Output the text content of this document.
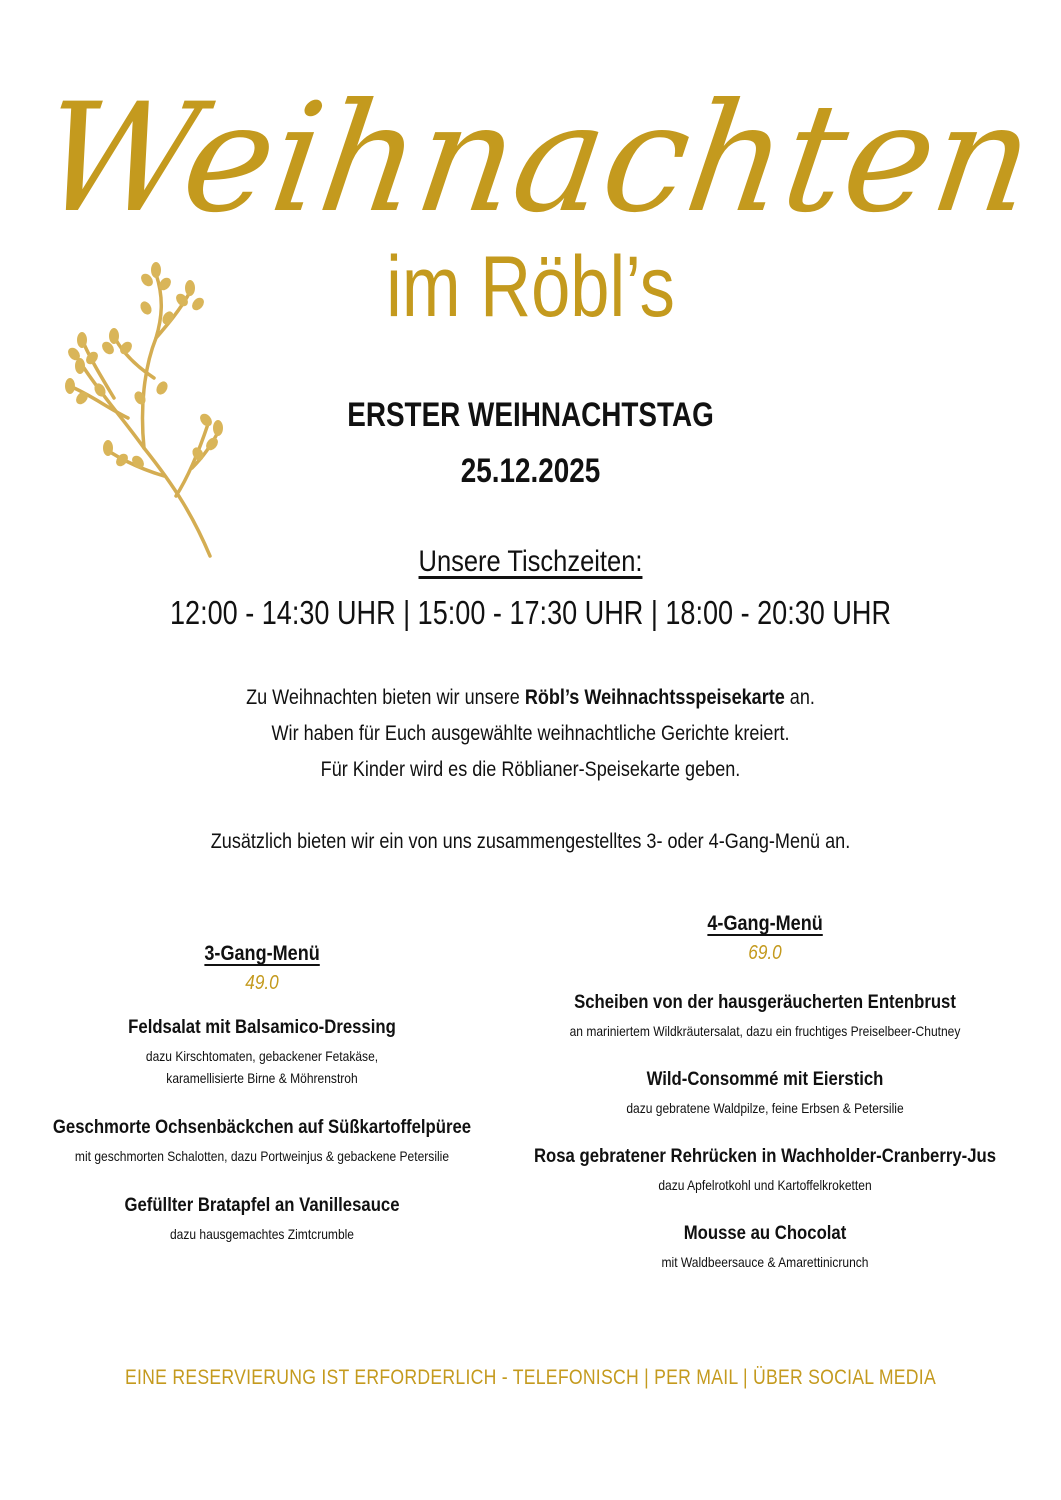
Weihnachten
im Röbl’s
ERSTER WEIHNACHTSTAG
25.12.2025
Unsere Tischzeiten:
12:00 - 14:30 UHR | 15:00 - 17:30 UHR | 18:00 - 20:30 UHR

Zu Weihnachten bieten wir unsere Röbl’s Weihnachtsspeisekarte an.

Wir haben für Euch ausgewählte weihnachtliche Gerichte kreiert.

Für Kinder wird es die Röblianer-Speisekarte geben.

Zusätzlich bieten wir ein von uns zusammengestelltes 3- oder 4-Gang-Menü an.

3-Gang-Menü
49.0
Feldsalat mit Balsamico-Dressing
dazu Kirschtomaten, gebackener Fetakäse,
karamellisierte Birne & Möhrenstroh
Geschmorte Ochsenbäckchen auf Süßkartoffelpüree
mit geschmorten Schalotten, dazu Portweinjus & gebackene Petersilie
Gefüllter Bratapfel an Vanillesauce
dazu hausgemachtes Zimtcrumble
4-Gang-Menü
69.0
Scheiben von der hausgeräucherten Entenbrust
an mariniertem Wildkräutersalat, dazu ein fruchtiges Preiselbeer-Chutney
Wild-Consommé mit Eierstich
dazu gebratene Waldpilze, feine Erbsen & Petersilie
Rosa gebratener Rehrücken in Wachholder-Cranberry-Jus
dazu Apfelrotkohl und Kartoffelkroketten
Mousse au Chocolat
mit Waldbeersauce & Amarettinicrunch
EINE RESERVIERUNG IST ERFORDERLICH - TELEFONISCH | PER MAIL | ÜBER SOCIAL MEDIA
